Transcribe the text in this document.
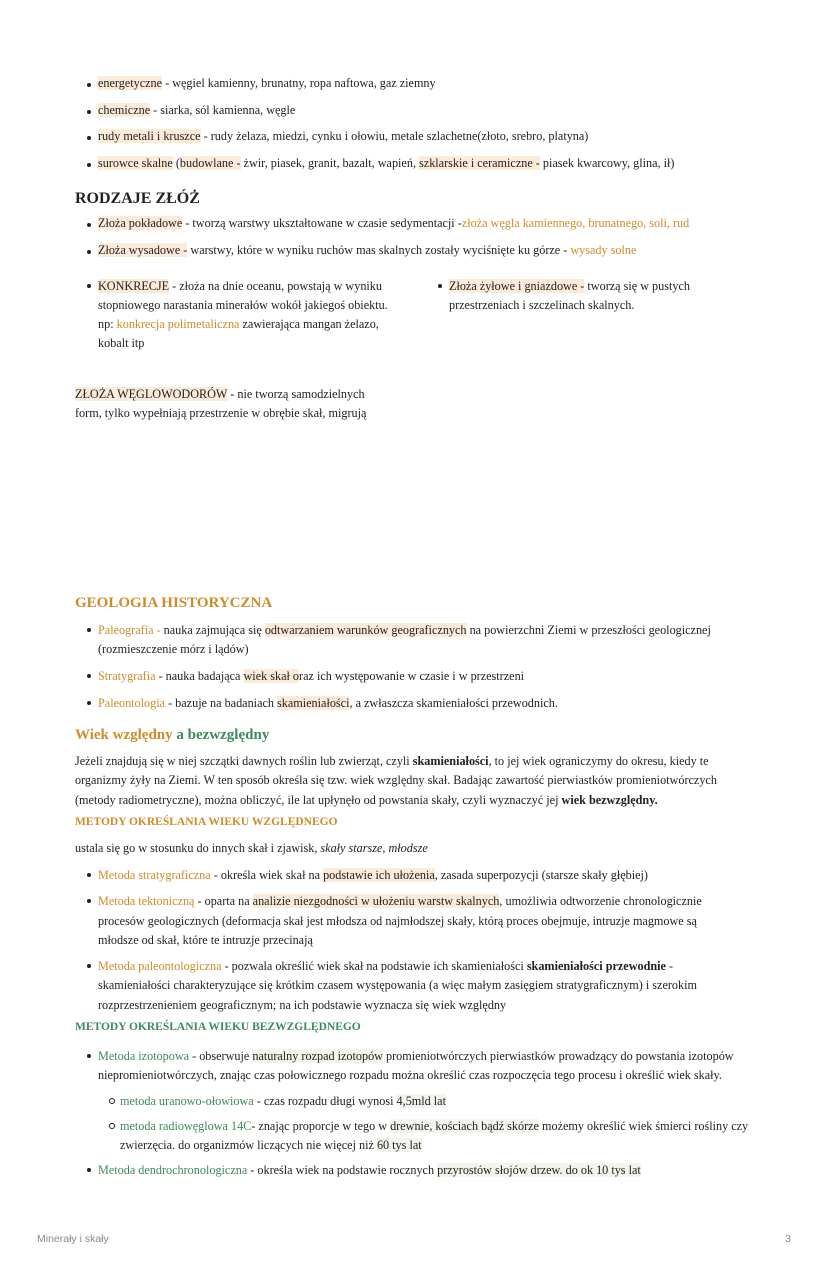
energetyczne - węgiel kamienny, brunatny, ropa naftowa, gaz ziemny
chemiczne - siarka, sól kamienna, węgle
rudy metali i kruszce - rudy żelaza, miedzi, cynku i ołowiu, metale szlachetne(złoto, srebro, platyna)
surowce skalne (budowlane - żwir, piasek, granit, bazalt, wapień, szklarskie i ceramiczne - piasek kwarcowy, glina, ił)
RODZAJE ZŁÓŻ
Złoża pokładowe - tworzą warstwy ukształtowane w czasie sedymentacji -złoża węgla kamiennego, brunatnego, soli, rud
Złoża wysadowe - warstwy, które w wyniku ruchów mas skalnych zostały wyciśnięte ku górze - wysady solne
KONKRECJE - złoża na dnie oceanu, powstają w wyniku stopniowego narastania minerałów wokół jakiegoś obiektu. np: konkrecja polimetaliczna zawierająca mangan żelazo, kobalt itp
Złoża żyłowe i gniazdowe - tworzą się w pustych przestrzeniach i szczelinach skalnych.
ZŁOŻA WĘGLOWODORÓW - nie tworzą samodzielnych form, tylko wypełniają przestrzenie w obrębie skał, migrują
GEOLOGIA HISTORYCZNA
Paleografia - nauka zajmująca się odtwarzaniem warunków geograficznych na powierzchni Ziemi w przeszłości geologicznej (rozmieszczenie mórz i lądów)
Stratygrafia - nauka badająca wiek skał oraz ich występowanie w czasie i w przestrzeni
Paleontologia - bazuje na badaniach skamieniałości, a zwłaszcza skamieniałości przewodnich.
Wiek względny a bezwzględny
Jeżeli znajdują się w niej szczątki dawnych roślin lub zwierząt, czyli skamieniałości, to jej wiek ograniczymy do okresu, kiedy te organizmy żyły na Ziemi. W ten sposób określa się tzw. wiek względny skał. Badając zawartość pierwiastków promieniotwórczych (metody radiometryczne), można obliczyć, ile lat upłynęło od powstania skały, czyli wyznaczyć jej wiek bezwzględny.
METODY OKREŚLANIA WIEKU WZGLĘDNEGO
ustala się go w stosunku do innych skał i zjawisk, skały starsze, młodsze
Metoda stratygraficzna - określa wiek skał na podstawie ich ułożenia, zasada superpozycji (starsze skały głębiej)
Metoda tektoniczną - oparta na analizie niezgodności w ułożeniu warstw skalnych, umożliwia odtworzenie chronologicznie procesów geologicznych (deformacja skał jest młodsza od najmłodszej skały, którą proces obejmuje, intruzje magmowe są młodsze od skał, które te intruzje przecinają
Metoda paleontologiczna - pozwala określić wiek skał na podstawie ich skamieniałości skamieniałości przewodnie - skamieniałości charakteryzujące się krótkim czasem występowania (a więc małym zasięgiem stratygraficznym) i szerokim rozprzestrzenieniem geograficznym; na ich podstawie wyznacza się wiek względny
METODY OKREŚLANIA WIEKU BEZWZGLĘDNEGO
Metoda izotopowa - obserwuje naturalny rozpad izotopów promieniotwórczych pierwiastków prowadzący do powstania izotopów niepromieniotwórczych, znając czas połowicznego rozpadu można określić czas rozpoczęcia tego procesu i określić wiek skały.
metoda uranowo-ołowiowa - czas rozpadu długi wynosi 4,5mld lat
metoda radiowęglowa 14C- znając proporcje w tego w drewnie, kościach bądź skórze możemy określić wiek śmierci rośliny czy zwierzęcia. do organizmów liczących nie więcej niż 60 tys lat
Metoda dendrochronologiczna - określa wiek na podstawie rocznych przyrostów słojów drzew. do ok 10 tys lat
Minerały i skały	3
